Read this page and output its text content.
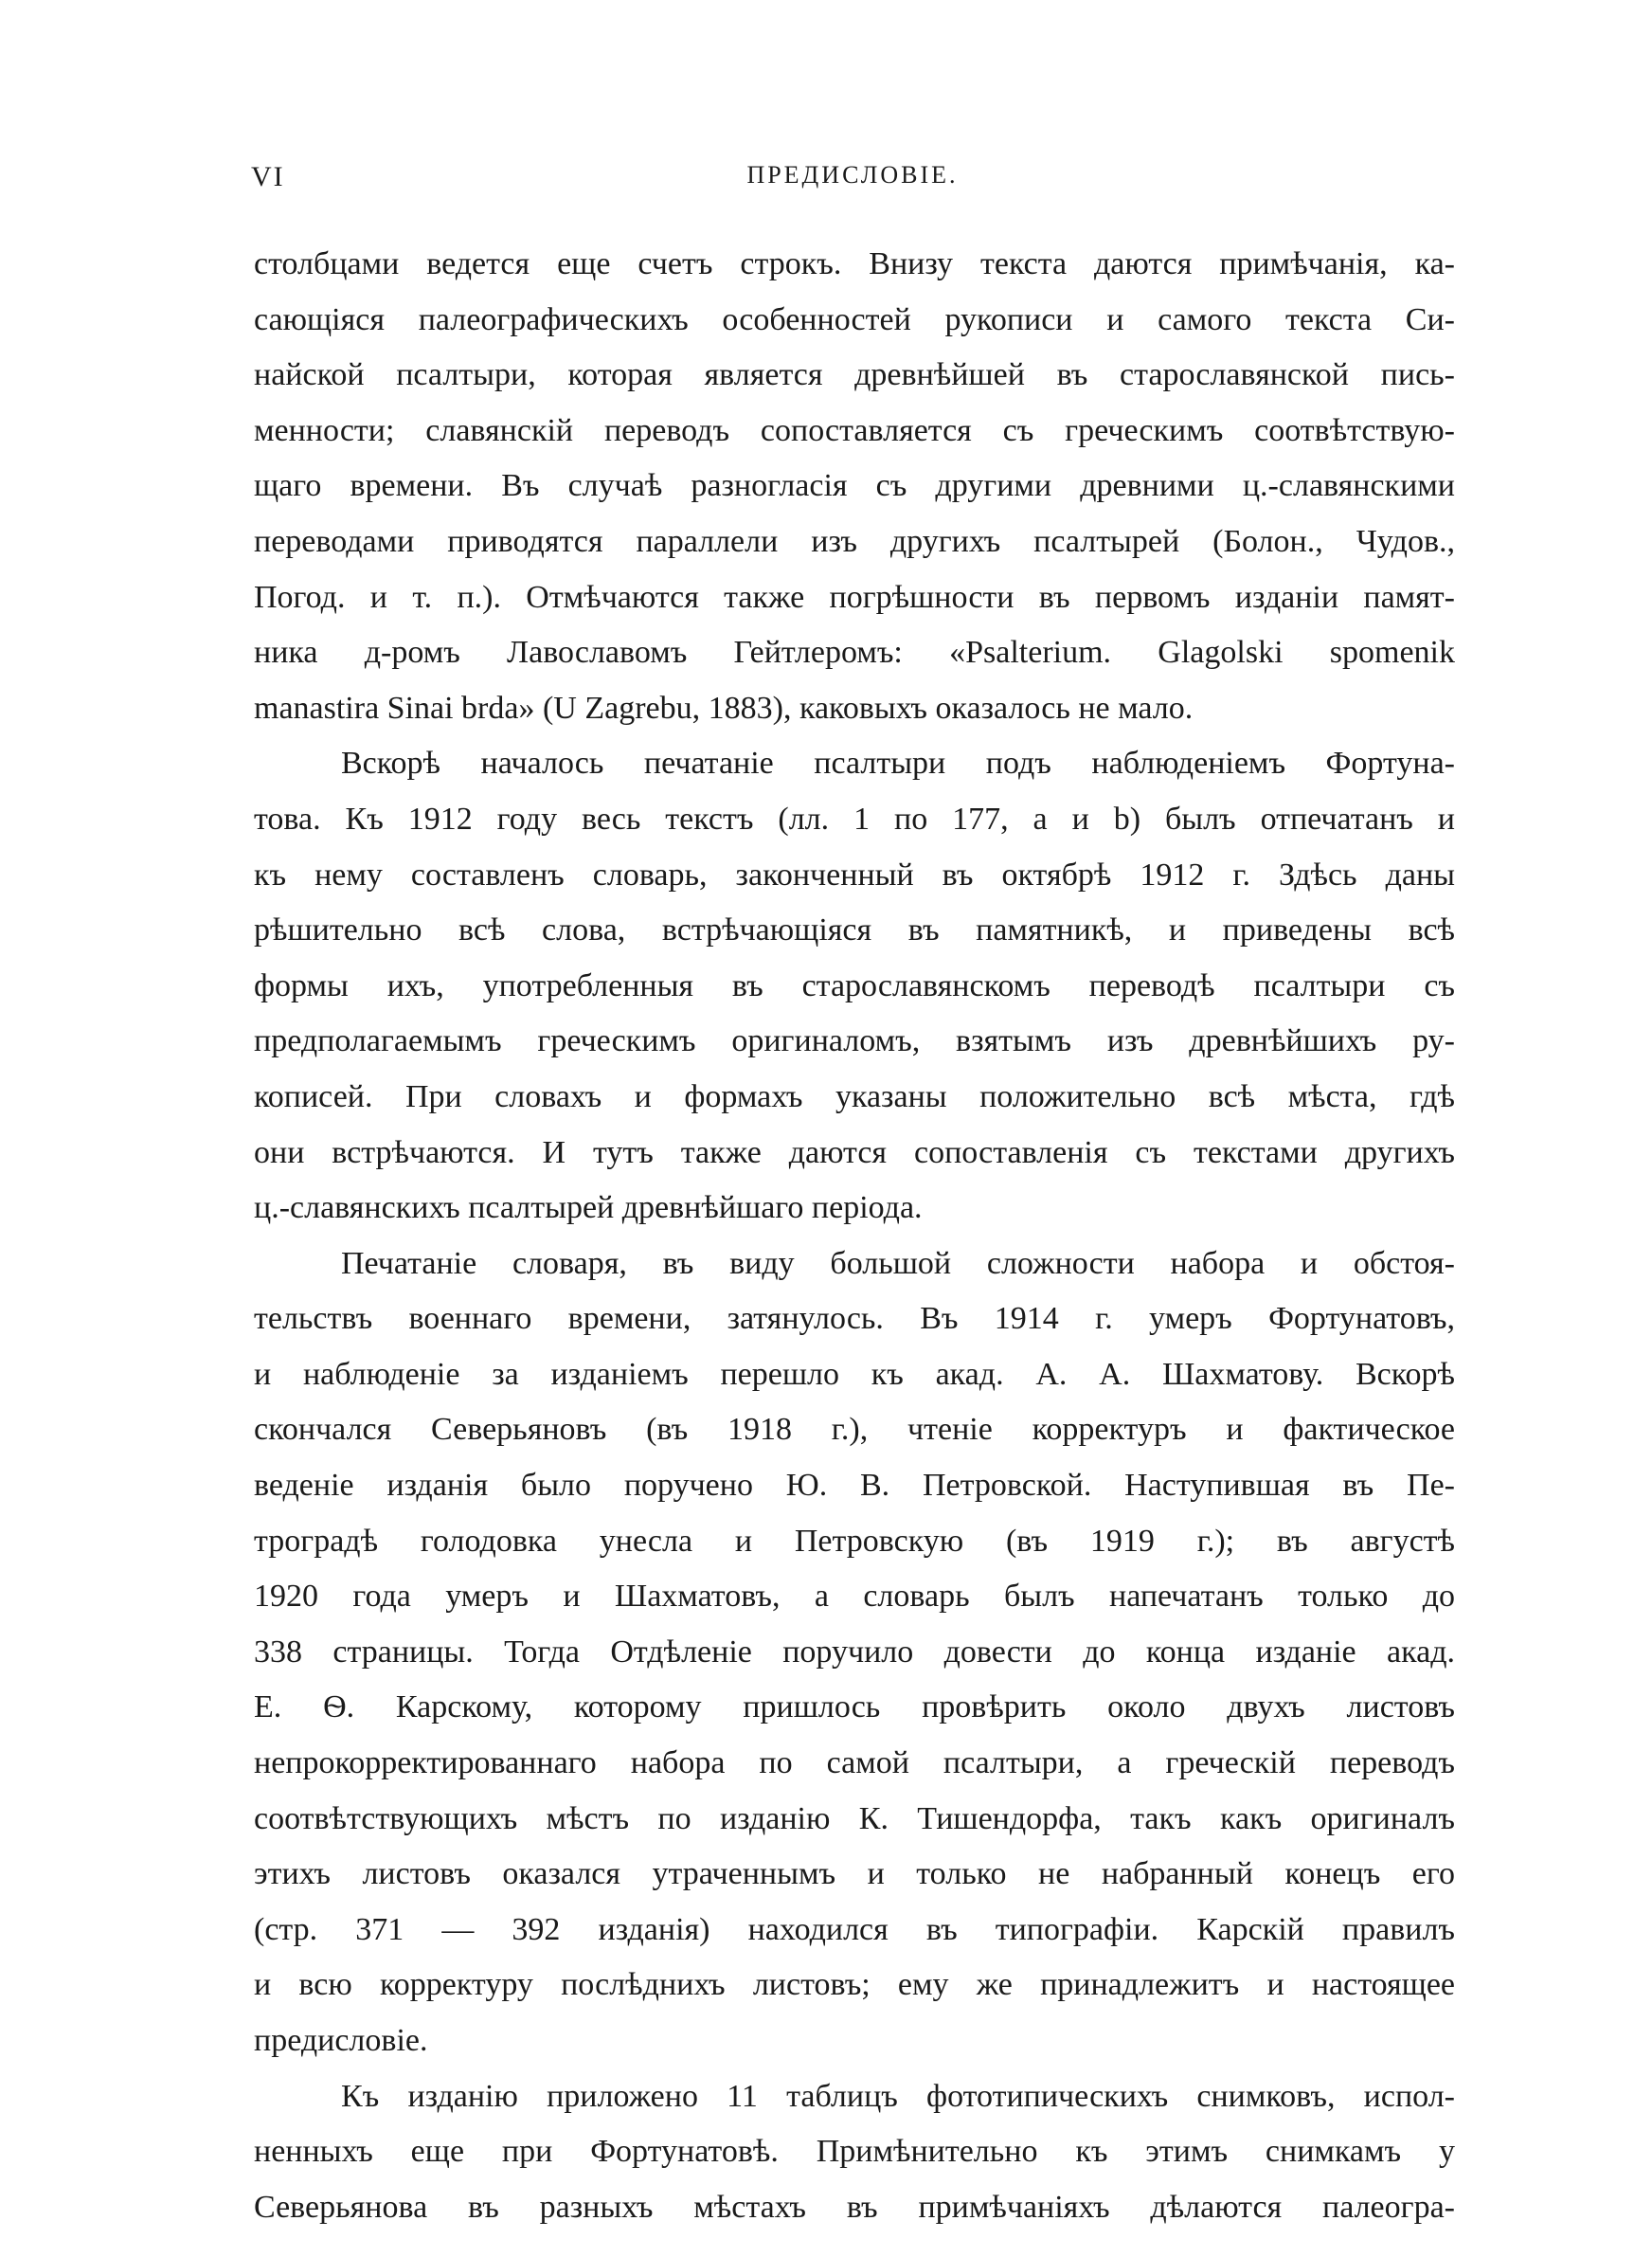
VI	ПРЕДИСЛОВІЕ.
столбцами ведется еще счетъ строкъ. Внизу текста даются примѣчанія, ка-
сающіяся палеографическихъ особенностей рукописи и самого текста Си-
найской псалтыри, которая является древнѣйшей въ старославянской пись-
менности; славянскій переводъ сопоставляется съ греческимъ соотвѣтствую-
щаго времени. Въ случаѣ разногласія съ другими древними ц.-славянскими
переводами приводятся параллели изъ другихъ псалтырей (Болон., Чудов.,
Погод. и т. п.). Отмѣчаются также погрѣшности въ первомъ изданіи памят-
ника д-ромъ Лавославомъ Гейтлеромъ: «Psalterium. Glagolski spomenik
manastira Sinai brda» (U Zagrebu, 1883), каковыхъ оказалось не мало.
Вскорѣ началось печатаніе псалтыри подъ наблюденіемъ Фортуна-
това. Къ 1912 году весь текстъ (лл. 1 по 177, a и b) былъ отпечатанъ и
къ нему составленъ словарь, законченный въ октябрѣ 1912 г. Здѣсь даны
рѣшительно всѣ слова, встрѣчающіяся въ памятникѣ, и приведены всѣ
формы ихъ, употребленныя въ старославянскомъ переводѣ псалтыри съ
предполагаемымъ греческимъ оригиналомъ, взятымъ изъ древнѣйшихъ ру-
кописей. При словахъ и формахъ указаны положительно всѣ мѣста, гдѣ
они встрѣчаются. И тутъ также даются сопоставленія съ текстами другихъ
ц.-славянскихъ псалтырей древнѣйшаго періода.
Печатаніе словаря, въ виду большой сложности набора и обстоя-
тельствъ военнаго времени, затянулось. Въ 1914 г. умеръ Фортунатовъ,
и наблюденіе за изданіемъ перешло къ акад. А. А. Шахматову. Вскорѣ
скончался Северьяновъ (въ 1918 г.), чтеніе корректуръ и фактическое
веденіе изданія было поручено Ю. В. Петровской. Наступившая въ Пе-
троградѣ голодовка унесла и Петровскую (въ 1919 г.); въ августѣ
1920 года умеръ и Шахматовъ, а словарь былъ напечатанъ только до
338 страницы. Тогда Отдѣленіе поручило довести до конца изданіе акад.
Е. Ѳ. Карскому, которому пришлось провѣрить около двухъ листовъ
непрокорректированнаго набора по самой псалтыри, а греческій переводъ
соотвѣтствующихъ мѣстъ по изданію К. Тишендорфа, такъ какъ оригиналъ
этихъ листовъ оказался утраченнымъ и только не набранный конецъ его
(стр. 371 — 392 изданія) находился въ типографіи. Карскій правилъ
и всю корректуру послѣднихъ листовъ; ему же принадлежитъ и настоящее
предисловіе.
Къ изданію приложено 11 таблицъ фототипическихъ снимковъ, испол-
ненныхъ еще при Фортунатовѣ. Примѣнительно къ этимъ снимкамъ у
Северьянова въ разныхъ мѣстахъ въ примѣчаніяхъ дѣлаются палеогра-
